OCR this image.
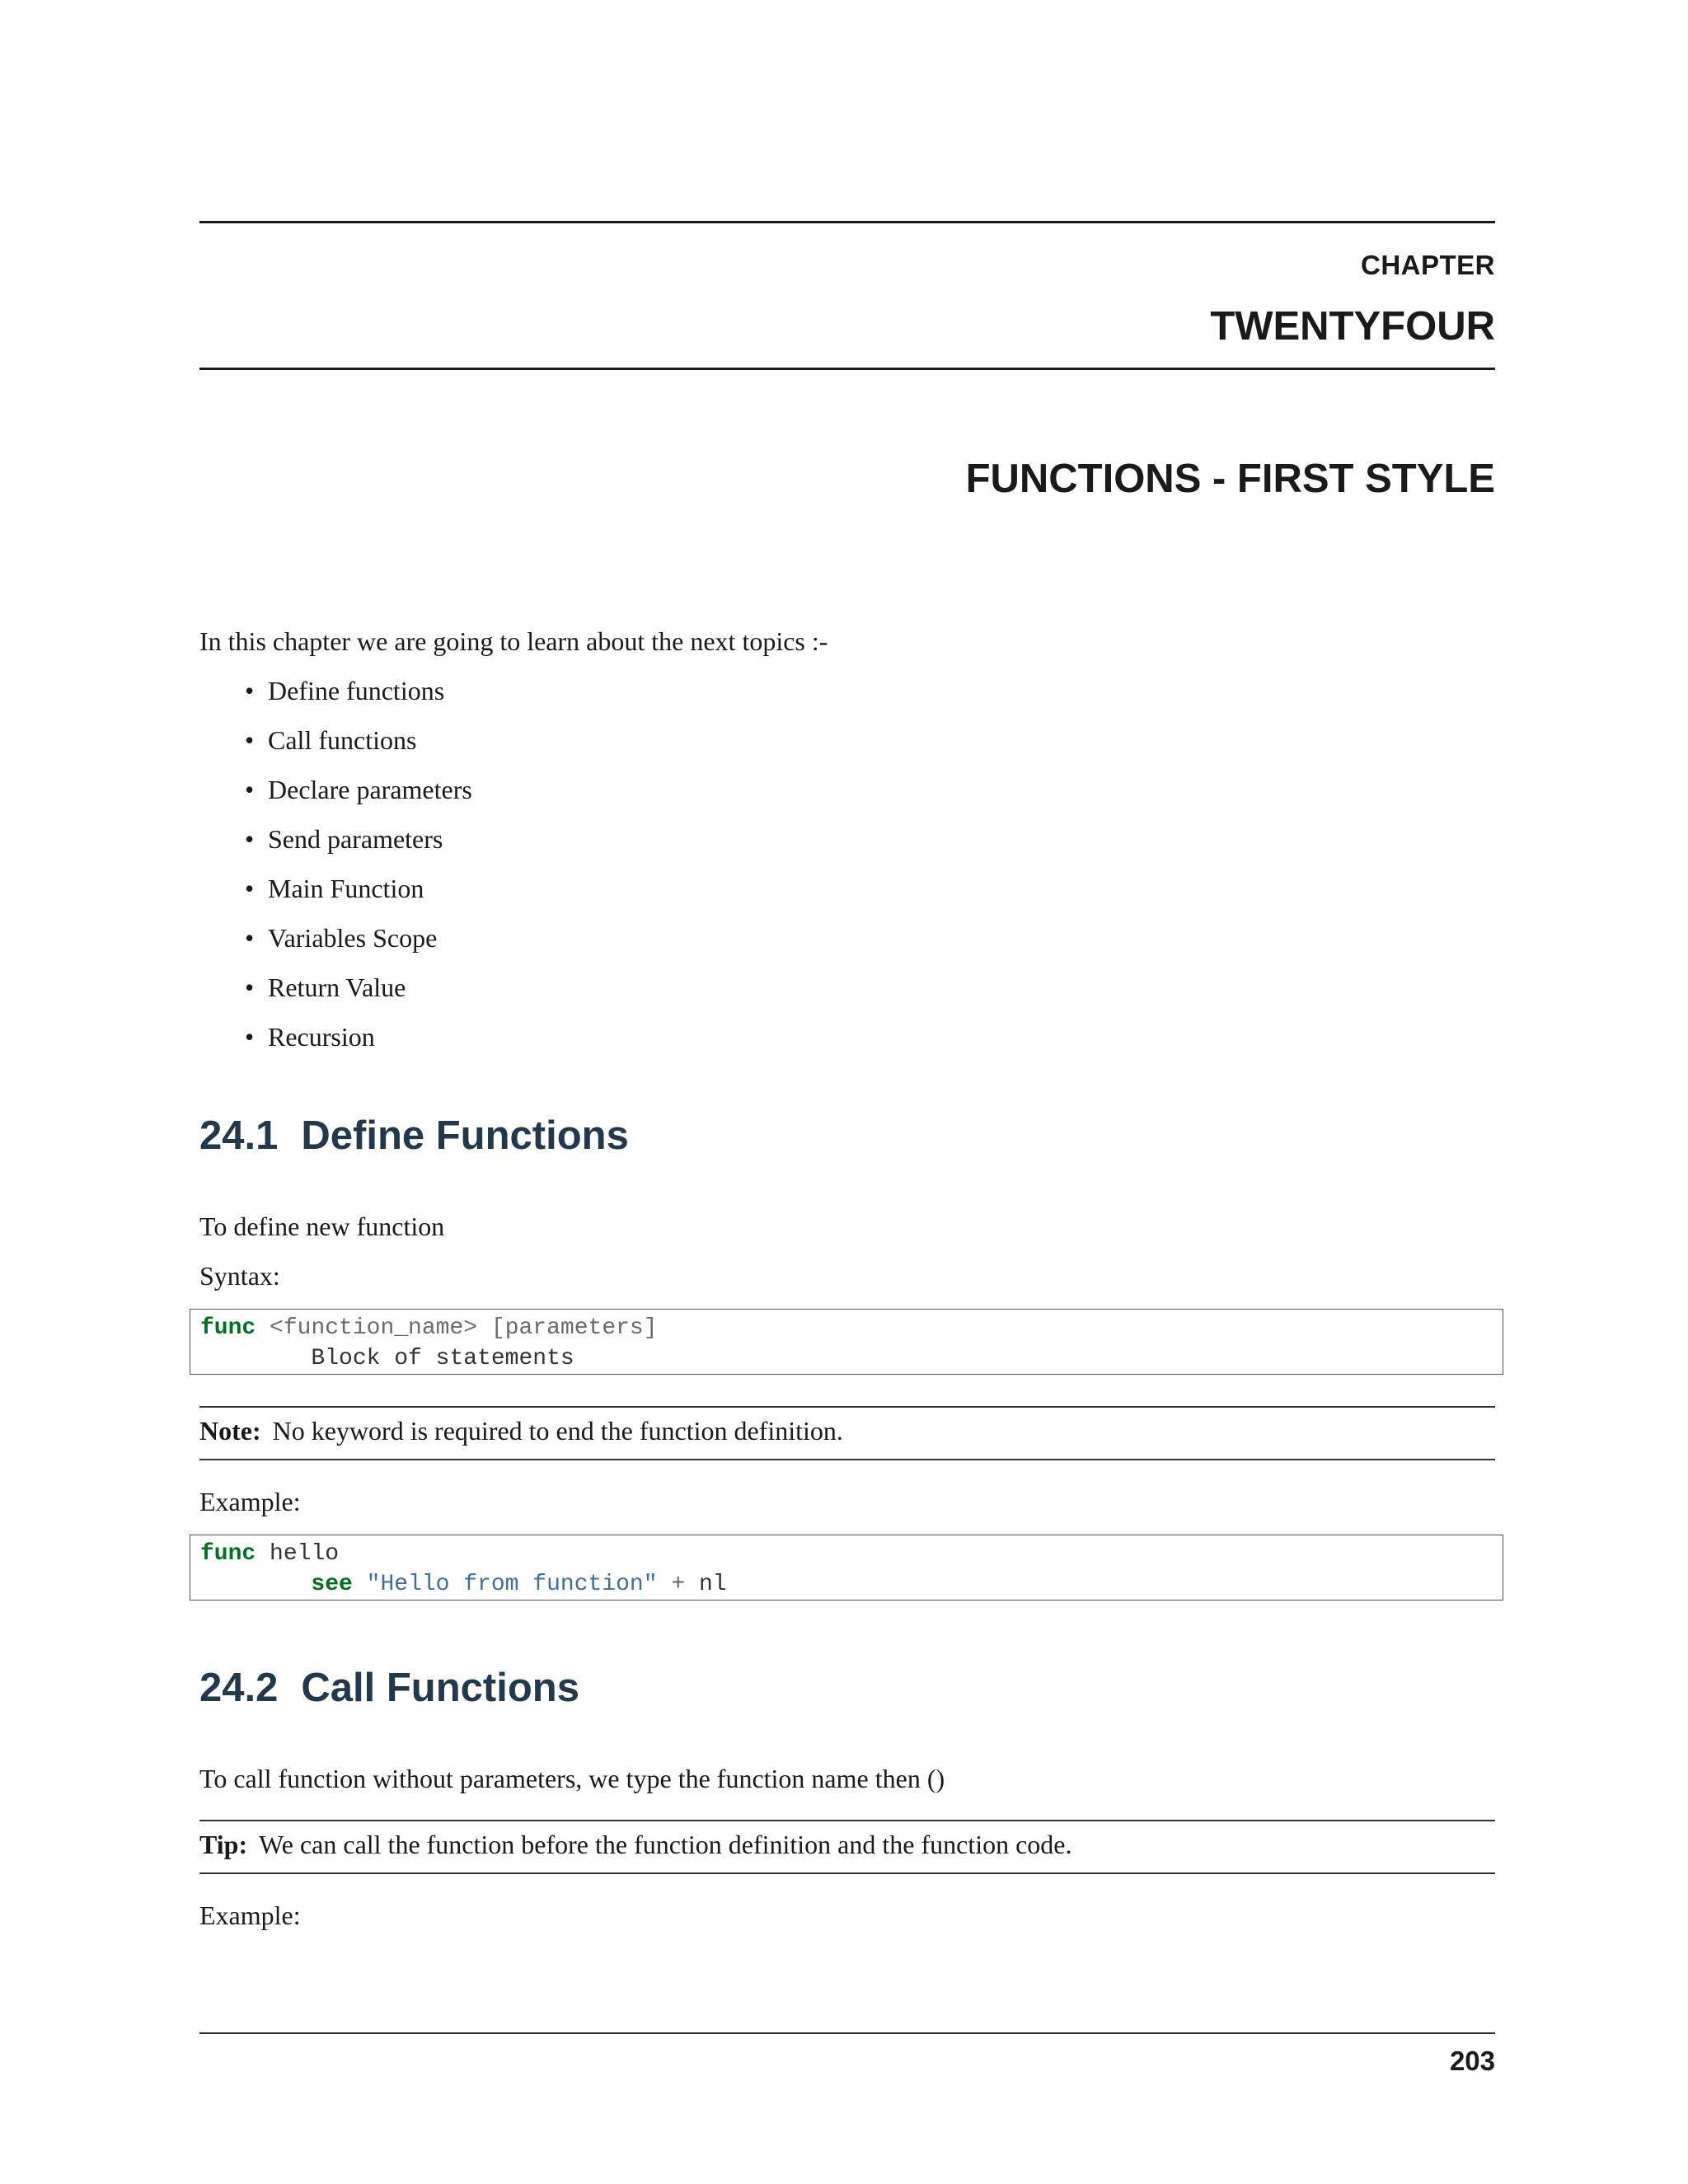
CHAPTER
TWENTYFOUR
FUNCTIONS - FIRST STYLE
In this chapter we are going to learn about the next topics :-
• Define functions
• Call functions
• Declare parameters
• Send parameters
• Main Function
• Variables Scope
• Return Value
• Recursion
24.1 Define Functions
To define new function
Syntax:
func <function_name> [parameters]
Block of statements
Note: No keyword is required to end the function definition.
Example:
func hello
see "Hello from function" + nl
24.2 Call Functions
To call function without parameters, we type the function name then ()
Tip: We can call the function before the function definition and the function code.
Example:
203
